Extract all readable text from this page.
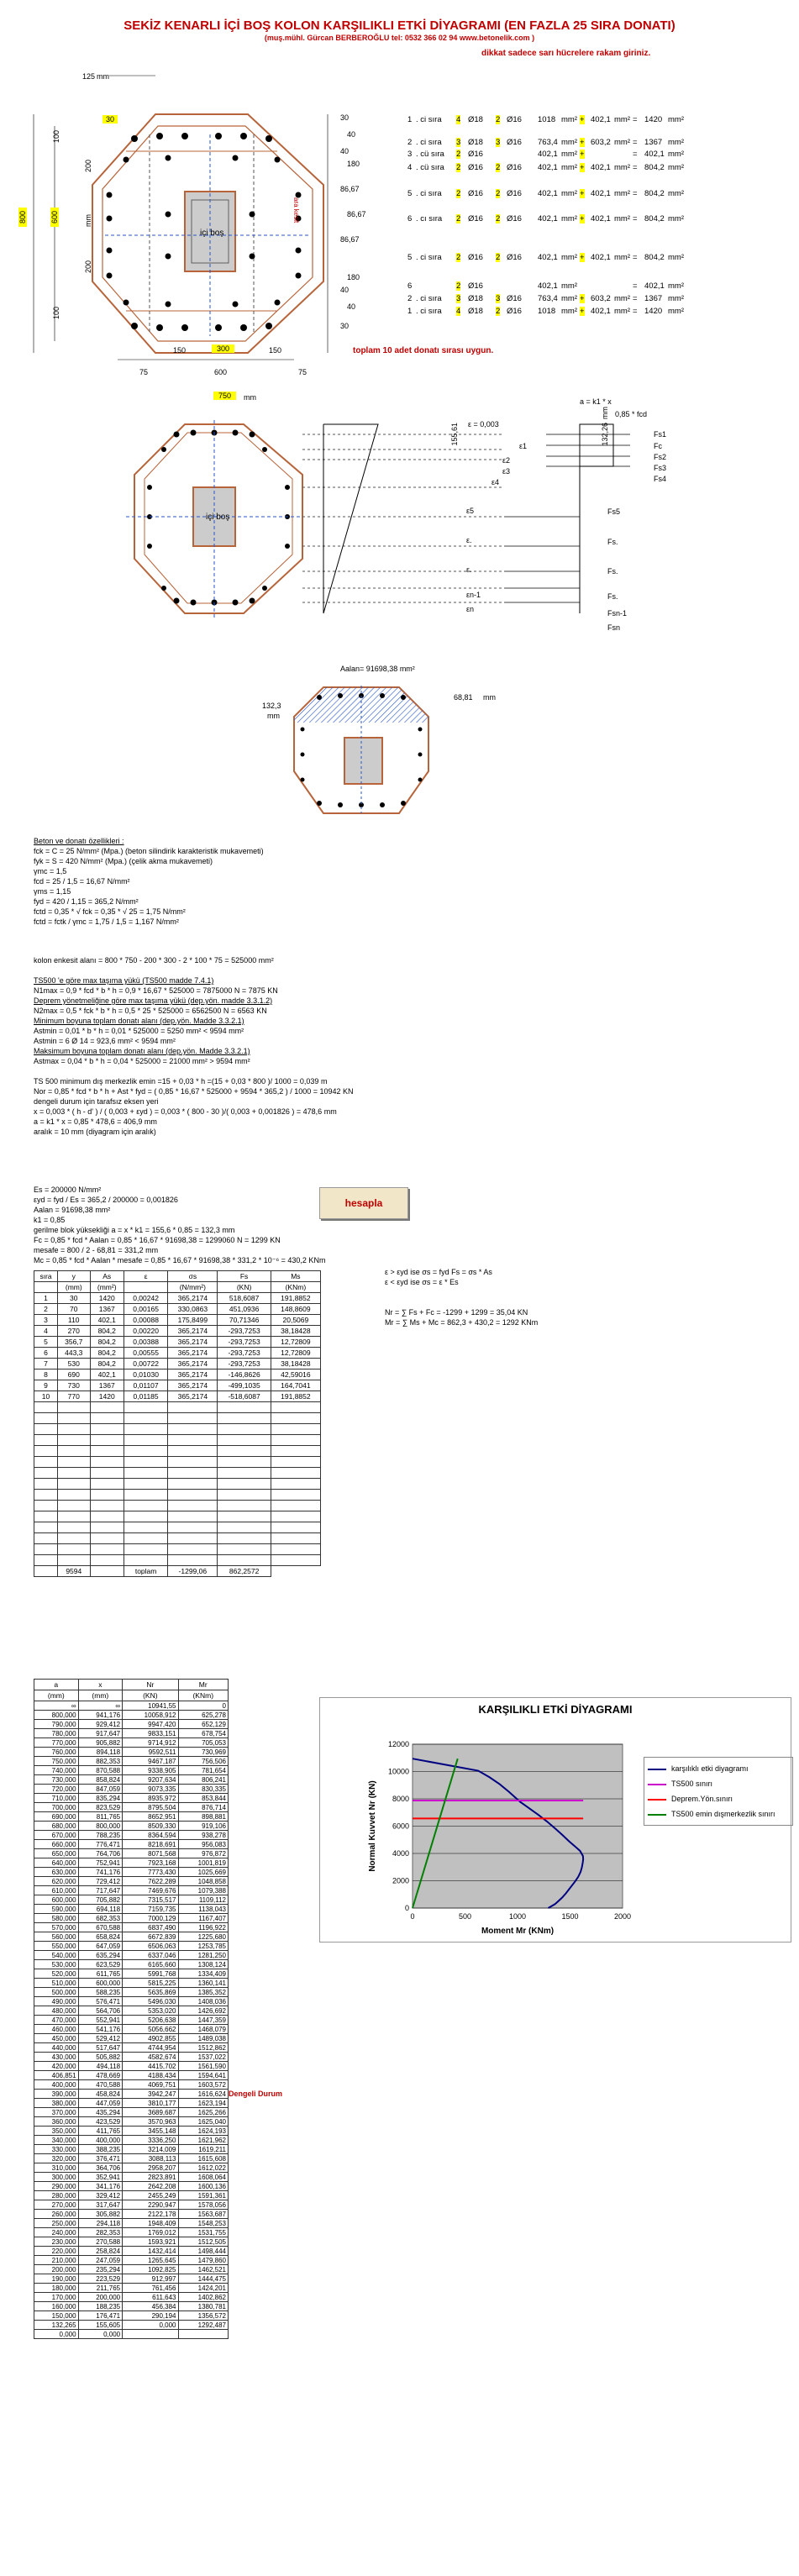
SEKİZ KENARLI İÇİ BOŞ KOLON KARŞILIKLI ETKİ DİYAGRAMI (EN FAZLA 25 SIRA DONATI)
(muş.mühl. Gürcan BERBEROĞLU tel: 0532 366 02 94 www.betonelik.com )
dikkat sadece sarı hücrelere rakam giriniz.
içi boş
125 mm
30
800	600
100
200
200
100
mm	ara kesit
150	300	150
75	600	75
750	mm
30
40
40
180
86,67
86,67
86,67
180
40
40
30
1 . ci sıra 4 Ø18 2 Ø16 1018 mm² + 402,1 mm² = 1420 mm²
2 . ci sıra 3 Ø18 3 Ø16 763,4 mm² + 603,2 mm² = 1367 mm²
3 . cü sıra 2 Ø16	402,1 mm² +	= 402,1 mm²
4 . cü sıra 2 Ø16 2 Ø16 402,1 mm² + 402,1 mm² = 804,2 mm²
5 . ci sıra 2 Ø16 2 Ø16 402,1 mm² + 402,1 mm² = 804,2 mm²
6 . cı sıra 2 Ø16 2 Ø16 402,1 mm² + 402,1 mm² = 804,2 mm²
5 . ci sıra 2 Ø16 2 Ø16 402,1 mm² + 402,1 mm² = 804,2 mm²
6	2 Ø16	402,1 mm²	= 402,1 mm²
2 . ci sıra 3 Ø18 3 Ø16 763,4 mm² + 603,2 mm² = 1367 mm²
1 . ci sıra 4 Ø18 2 Ø16 1018 mm² + 402,1 mm² = 1420 mm²
toplam 10 adet donatı sırası uygun.
içi boş
a = k1 * x
0,85 * fcd
ε = 0,003
155,61	132,26
mm
ε1
ε2
ε3
ε4
ε5
ε.
ε.
εn-1
εn
Fs1
Fc
Fs2
Fs3
Fs4
Fs5
Fs.
Fs.
Fs.
Fsn-1
Fsn
Aalan= 91698,38 mm²
132,3
mm
68,81 mm
Beton ve donatı özellikleri :
fck = C = 25 N/mm² (Mpa.) (beton silindirik karakteristik mukavemeti)
fyk = S = 420 N/mm² (Mpa.) (çelik akma mukavemeti)
γmc = 1,5
fcd = 25 / 1,5 = 16,67 N/mm²
γms = 1,15
fyd = 420 / 1,15 = 365,2 N/mm²
fctd = 0,35 * √ fck = 0,35 * √ 25 = 1,75 N/mm²
fctd = fctk / γmc = 1,75 / 1,5 = 1,167 N/mm²
kolon enkesit alanı = 800 * 750 - 200 * 300 - 2 * 100 * 75 = 525000 mm²
TS500 'e göre max taşıma yükü (TS500 madde 7.4.1)
N1max = 0,9 * fcd * b * h = 0,9 * 16,67 * 525000 = 7875000 N = 7875 KN
Deprem yönetmeliğine göre max taşıma yükü (dep.yön. madde 3.3.1.2)
N2max = 0,5 * fck * b * h = 0,5 * 25 * 525000 = 6562500 N = 6563 KN
Minimum boyuna toplam donatı alanı (dep.yön. Madde 3.3.2.1)
Astmin = 0,01 * b * h = 0,01 * 525000 = 5250 mm² < 9594 mm²
Astmin = 6 Ø 14 = 923,6 mm² < 9594 mm²
Maksimum boyuna toplam donatı alanı (dep.yön. Madde 3.3.2.1)
Astmax = 0,04 * b * h = 0,04 * 525000 = 21000 mm² > 9594 mm²
TS 500 minimum dış merkezlik emin =15 + 0,03 * h =(15 + 0,03 * 800 )/ 1000 = 0,039 m
Nor = 0,85 * fcd * b * h + Ast * fyd = ( 0,85 * 16,67 * 525000 + 9594 * 365,2 ) / 1000 = 10942 KN
dengeli durum için tarafsız eksen yeri
x = 0,003 * ( h - d' ) / ( 0,003 + εyd ) = 0,003 * ( 800 - 30 )/( 0,003 + 0,001826 ) = 478,6 mm
a = k1 * x = 0,85 * 478,6 = 406,9 mm
aralık = 10 mm (diyagram için aralık)
hesapla
Es = 200000 N/mm²
εyd = fyd / Es = 365,2 / 200000 = 0,001826
Aalan = 91698,38 mm²
k1 = 0,85
gerilme blok yüksekliği a = x * k1 = 155,6 * 0,85 = 132,3 mm
Fc = 0,85 * fcd * Aalan = 0,85 * 16,67 * 91698,38 = 1299060 N = 1299 KN
mesafe = 800 / 2 - 68,81 = 331,2 mm
Mc = 0,85 * fcd * Aalan * mesafe = 0,85 * 16,67 * 91698,38 * 331,2 * 10⁻⁶ = 430,2 KNm
ε > εyd ise σs = fyd Fs = σs * As
ε < εyd ise σs = ε * Es
Nr = ∑ Fs + Fc = -1299 + 1299 = 35,04 KN
Mr = ∑ Ms + Mc = 862,3 + 430,2 = 1292 KNm
sıra	y	As	ε	σs	Fs	Ms
	(mm)	(mm²)		(N/mm²)	(KN)	(KNm)
1	30	1420	0,00242	365,2174	518,6087	191,8852
2	70	1367	0,00165	330,0863	451,0936	148,8609
3	110	402,1	0,00088	175,8499	70,71346	20,5069
4	270	804,2	0,00220	365,2174	-293,7253	38,18428
5	356,7	804,2	0,00388	365,2174	-293,7253	12,72809
6	443,3	804,2	0,00555	365,2174	-293,7253	12,72809
7	530	804,2	0,00722	365,2174	-293,7253	38,18428
8	690	402,1	0,01030	365,2174	-146,8626	42,59016
9	730	1367	0,01107	365,2174	-499,1035	164,7041
10	770	1420	0,01185	365,2174	-518,6087	191,8852

	9594		toplam	-1299,06	862,2572	
a	x	Nr	Mr
(mm)	(mm)	(KN)	(KNm)
∞	∞	10941,55	0
800,000	941,176	10058,912	625,278
790,000	929,412	9947,420	652,129
780,000	917,647	9833,151	678,754
770,000	905,882	9714,912	705,053
760,000	894,118	9592,511	730,969
750,000	882,353	9467,187	756,506
740,000	870,588	9338,905	781,654
730,000	858,824	9207,634	806,241
720,000	847,059	9073,335	830,335
710,000	835,294	8935,972	853,844
700,000	823,529	8795,504	876,714
690,000	811,765	8652,951	898,881
680,000	800,000	8509,330	919,106
670,000	788,235	8364,594	938,278
660,000	776,471	8218,691	956,083
650,000	764,706	8071,568	976,872
640,000	752,941	7923,168	1001,819
630,000	741,176	7773,430	1025,669
620,000	729,412	7622,289	1048,858
610,000	717,647	7469,676	1079,388
600,000	705,882	7315,517	1109,112
590,000	694,118	7159,735	1138,043
580,000	682,353	7000,129	1167,407
570,000	670,588	6837,490	1196,922
560,000	658,824	6672,839	1225,680
550,000	647,059	6506,063	1253,785
540,000	635,294	6337,046	1281,250
530,000	623,529	6165,660	1308,124
520,000	611,765	5991,768	1334,409
510,000	600,000	5815,225	1360,141
500,000	588,235	5635,869	1385,352
490,000	576,471	5496,030	1408,036
480,000	564,706	5353,020	1426,692
470,000	552,941	5206,638	1447,359
460,000	541,176	5056,662	1468,079
450,000	529,412	4902,855	1489,038
440,000	517,647	4744,954	1512,862
430,000	505,882	4582,674	1537,022
420,000	494,118	4415,702	1561,590
406,851	478,669	4188,434	1594,641
400,000	470,588	4069,751	1603,572
390,000	458,824	3942,247	1616,624
380,000	447,059	3810,177	1623,194
370,000	435,294	3689,687	1625,266
360,000	423,529	3570,963	1625,040
350,000	411,765	3455,148	1624,193
340,000	400,000	3336,250	1621,962
330,000	388,235	3214,009	1619,211
320,000	376,471	3088,113	1615,608
310,000	364,706	2958,207	1612,022
300,000	352,941	2823,891	1608,064
290,000	341,176	2642,208	1600,136
280,000	329,412	2455,249	1591,361
270,000	317,647	2290,947	1578,056
260,000	305,882	2122,178	1563,687
250,000	294,118	1948,409	1548,253
240,000	282,353	1769,012	1531,755
230,000	270,588	1593,921	1512,505
220,000	258,824	1432,414	1498,444
210,000	247,059	1265,645	1479,860
200,000	235,294	1092,825	1462,521
190,000	223,529	912,997	1444,475
180,000	211,765	761,456	1424,201
170,000	200,000	611,643	1402,862
160,000	188,235	456,384	1380,781
150,000	176,471	290,194	1356,572
132,265	155,605	0,000	1292,487
0,000	0,000		
Dengeli Durum
KARŞILIKLI ETKİ DİYAGRAMI
0
2000
4000
6000
8000
10000
12000
0	500	1000	1500	2000
Moment Mr (KNm)
Normal Kuvvet Nr (KN)
karşılıklı etki diyagramı
TS500 sınırı
Deprem.Yön.sınırı
TS500 emin dışmerkezlik sınırı
